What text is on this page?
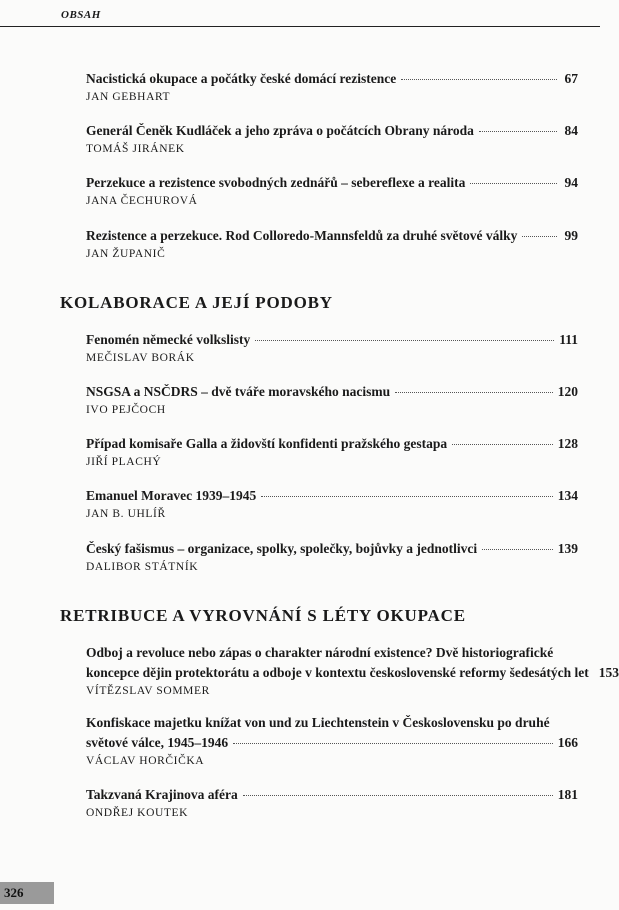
OBSAH
Nacistická okupace a počátky české domácí rezistence	67
JAN GEBHART
Generál Čeněk Kudláček a jeho zpráva o počátcích Obrany národa	84
TOMÁŠ JIRÁNEK
Perzekuce a rezistence svobodných zednářů – sebereflexe a realita	94
JANA ČECHUROVÁ
Rezistence a perzekuce. Rod Colloredo-Mannsfeldů za druhé světové války	99
JAN ŽUPANIČ
KOLABORACE A JEJÍ PODOBY
Fenomén německé volkslisty	111
MEČISLAV BORÁK
NSGSA a NSČDRS – dvě tváře moravského nacismu	120
IVO PEJČOCH
Případ komisaře Galla a židovští konfidenti pražského gestapa	128
JIŘÍ PLACHÝ
Emanuel Moravec 1939–1945	134
JAN B. UHLÍŘ
Český fašismus – organizace, spolky, společky, bojůvky a jednotlivci	139
DALIBOR STÁTNÍK
RETRIBUCE A VYROVNÁNÍ S LÉTY OKUPACE
Odboj a revoluce nebo zápas o charakter národní existence? Dvě historiografické
koncepce dějin protektorátu a odboje v kontextu československé reformy šedesátých let 153
VÍTĚZSLAV SOMMER
Konfiskace majetku knížat von und zu Liechtenstein v Československu po druhé
světové válce, 1945–1946	166
VÁCLAV HORČIČKA
Takzvaná Krajinova aféra	181
ONDŘEJ KOUTEK
326
